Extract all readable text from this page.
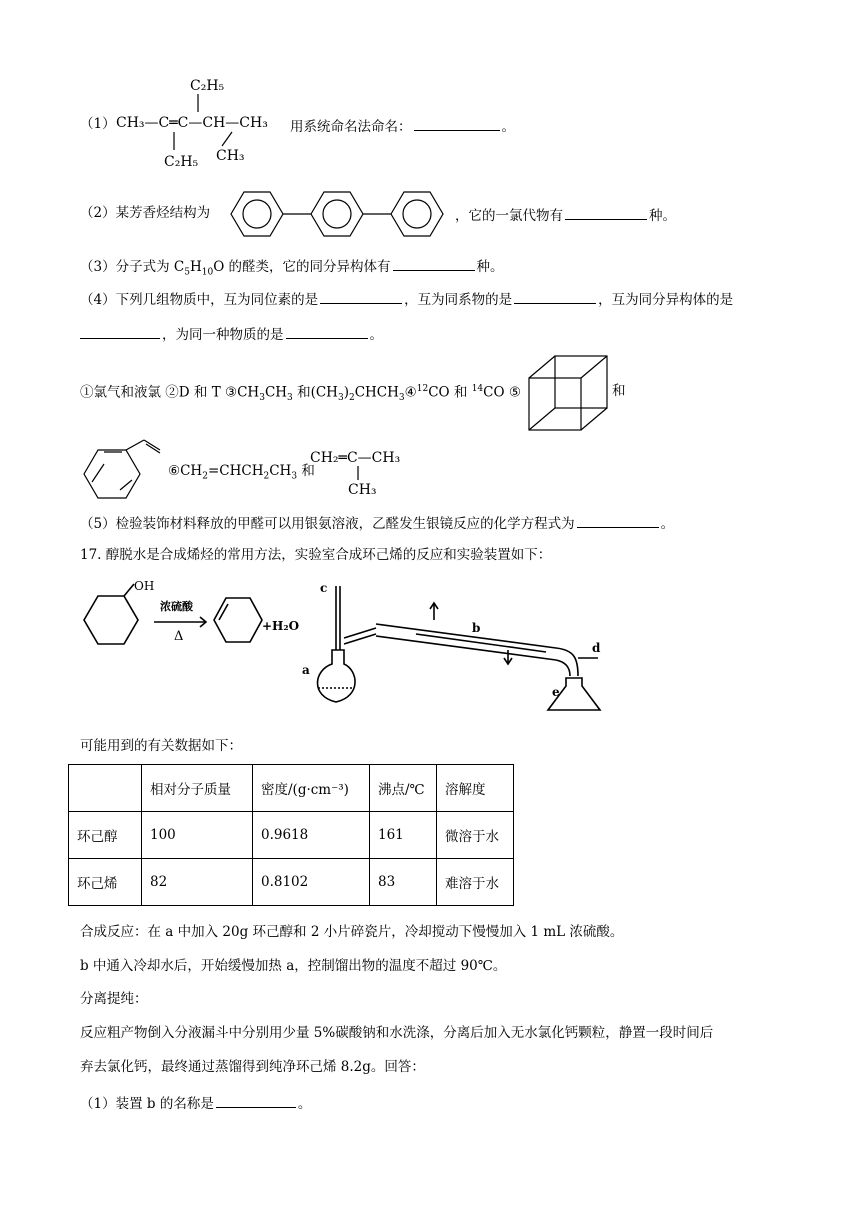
C₂H₅
CH₃—C═C—CH—CH₃
C₂H₅ CH₃
（1）	用系统命名法命名：	。
（2）某芳香烃结构为	，它的一氯代物有	种。
（3）分子式为 $C_5H_{10}O$ 的醛类，它的同分异构体有	种。
（4）下列几组物质中，互为同位素的是	，互为同系物的是	，互为同分异构体的是
，为同一种物质的是	。
①氯气和液氯 ②D 和 T $③CH_3CH_3$ 和$(CH_3)_2CHCH_3④^{12}CO$ 和 $^{14}$CO ⑤	和
$⑥CH_2=CHCH_2CH_3$ 和
CH₂═C—CH₃
CH₃
（5）检验装饰材料释放的甲醛可以用银氨溶液，乙醛发生银镜反应的化学方程式为	。
17. 醇脱水是合成烯烃的常用方法，实验室合成环己烯的反应和实验装置如下：
OH
浓硫酸
Δ
+H₂O
c
a
b
d
e
可能用到的有关数据如下：
	相对分子质量	密度/(g·cm⁻³)	沸点/℃	溶解度
环己醇	100	0.9618	161	微溶于水
环己烯	82	0.8102	83	难溶于水
合成反应：在 a 中加入 20g 环己醇和 2 小片碎瓷片，冷却搅动下慢慢加入 1 mL 浓硫酸。
b 中通入冷却水后，开始缓慢加热 a，控制馏出物的温度不超过 90℃。
分离提纯：
反应粗产物倒入分液漏斗中分别用少量 5%碳酸钠和水洗涤，分离后加入无水氯化钙颗粒，静置一段时间后
弃去氯化钙，最终通过蒸馏得到纯净环己烯 8.2g。回答：
（1）装置 b 的名称是	。
